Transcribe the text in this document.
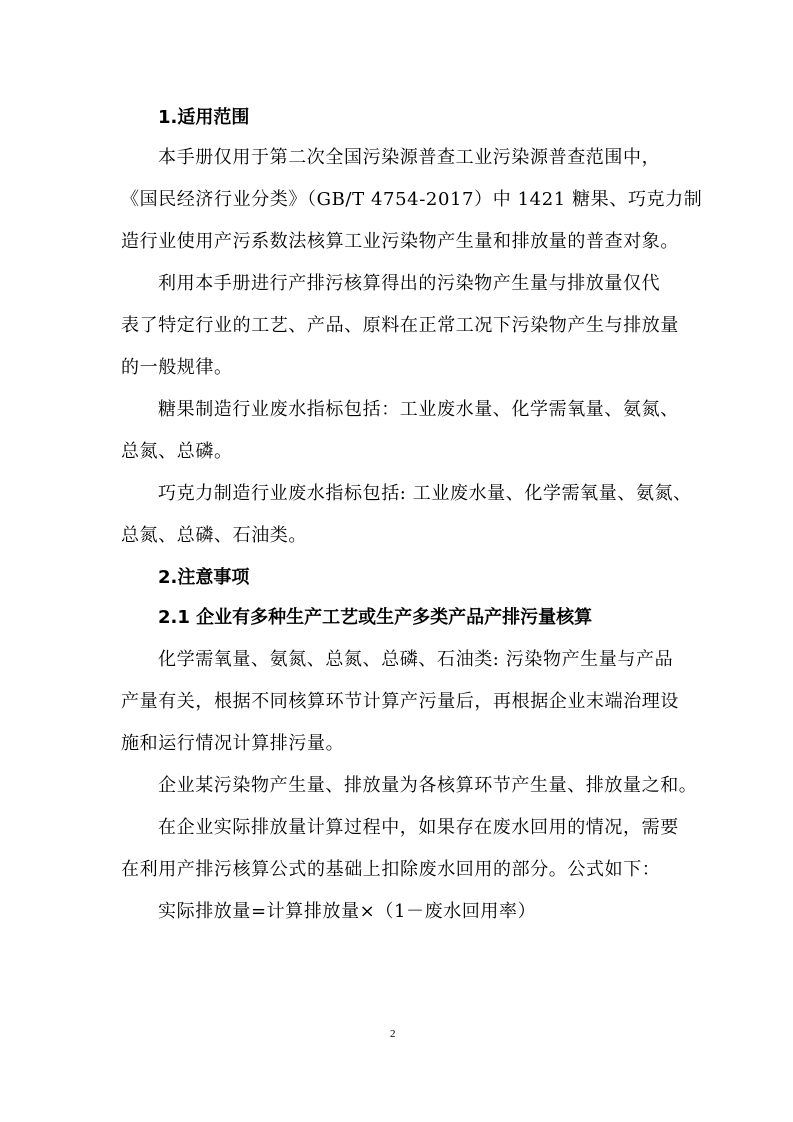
1.适用范围
本手册仅用于第二次全国污染源普查工业污染源普查范围中，
《国民经济行业分类》（GB/T 4754-2017）中 1421 糖果、巧克力制
造行业使用产污系数法核算工业污染物产生量和排放量的普查对象。
利用本手册进行产排污核算得出的污染物产生量与排放量仅代
表了特定行业的工艺、产品、原料在正常工况下污染物产生与排放量
的一般规律。
糖果制造行业废水指标包括：工业废水量、化学需氧量、氨氮、
总氮、总磷。
巧克力制造行业废水指标包括: 工业废水量、化学需氧量、氨氮、
总氮、总磷、石油类。
2.注意事项
2.1 企业有多种生产工艺或生产多类产品产排污量核算
化学需氧量、氨氮、总氮、总磷、石油类: 污染物产生量与产品
产量有关，根据不同核算环节计算产污量后，再根据企业末端治理设
施和运行情况计算排污量。
企业某污染物产生量、排放量为各核算环节产生量、排放量之和。
在企业实际排放量计算过程中，如果存在废水回用的情况，需要
在利用产排污核算公式的基础上扣除废水回用的部分。公式如下：
实际排放量=计算排放量×（1－废水回用率）
2
